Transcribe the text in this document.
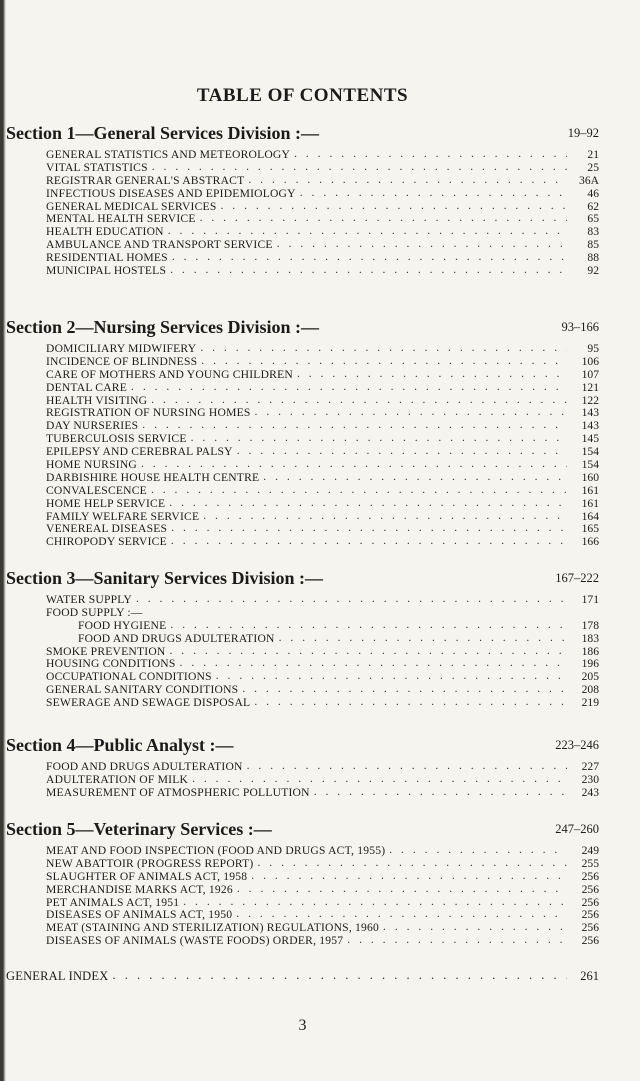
TABLE OF CONTENTS
Section 1—General Services Division :—	19–92
GENERAL STATISTICS AND METEOROLOGY . . .	21
VITAL STATISTICS . . .	25
REGISTRAR GENERAL'S ABSTRACT . . .	36A
INFECTIOUS DISEASES AND EPIDEMIOLOGY . . .	46
GENERAL MEDICAL SERVICES . . .	62
MENTAL HEALTH SERVICE . . .	65
HEALTH EDUCATION . . .	83
AMBULANCE AND TRANSPORT SERVICE . . .	85
RESIDENTIAL HOMES . . .	88
MUNICIPAL HOSTELS . . .	92
Section 2—Nursing Services Division :—	93–166
DOMICILIARY MIDWIFERY . . .	95
INCIDENCE OF BLINDNESS . . .	106
CARE OF MOTHERS AND YOUNG CHILDREN . . .	107
DENTAL CARE . . .	121
HEALTH VISITING . . .	122
REGISTRATION OF NURSING HOMES . . .	143
DAY NURSERIES . . .	143
TUBERCULOSIS SERVICE . . .	145
EPILEPSY AND CEREBRAL PALSY . . .	154
HOME NURSING . . .	154
DARBISHIRE HOUSE HEALTH CENTRE . . .	160
CONVALESCENCE . . .	161
HOME HELP SERVICE . . .	161
FAMILY WELFARE SERVICE . . .	164
VENEREAL DISEASES . . .	165
CHIROPODY SERVICE . . .	166
Section 3—Sanitary Services Division :—	167–222
WATER SUPPLY . . .	171
FOOD SUPPLY :—
FOOD HYGIENE . . .	178
FOOD AND DRUGS ADULTERATION . . .	183
SMOKE PREVENTION . . .	186
HOUSING CONDITIONS . . .	196
OCCUPATIONAL CONDITIONS . . .	205
GENERAL SANITARY CONDITIONS . . .	208
SEWERAGE AND SEWAGE DISPOSAL . . .	219
Section 4—Public Analyst :—	223–246
FOOD AND DRUGS ADULTERATION . . .	227
ADULTERATION OF MILK . . .	230
MEASUREMENT OF ATMOSPHERIC POLLUTION . . .	243
Section 5—Veterinary Services :—	247–260
MEAT AND FOOD INSPECTION (FOOD AND DRUGS ACT, 1955) . . .	249
NEW ABATTOIR (PROGRESS REPORT) . . .	255
SLAUGHTER OF ANIMALS ACT, 1958 . . .	256
MERCHANDISE MARKS ACT, 1926 . . .	256
PET ANIMALS ACT, 1951 . . .	256
DISEASES OF ANIMALS ACT, 1950 . . .	256
MEAT (STAINING AND STERILIZATION) REGULATIONS, 1960 . . .	256
DISEASES OF ANIMALS (WASTE FOODS) ORDER, 1957 . . .	256
GENERAL INDEX . . .	261
3
